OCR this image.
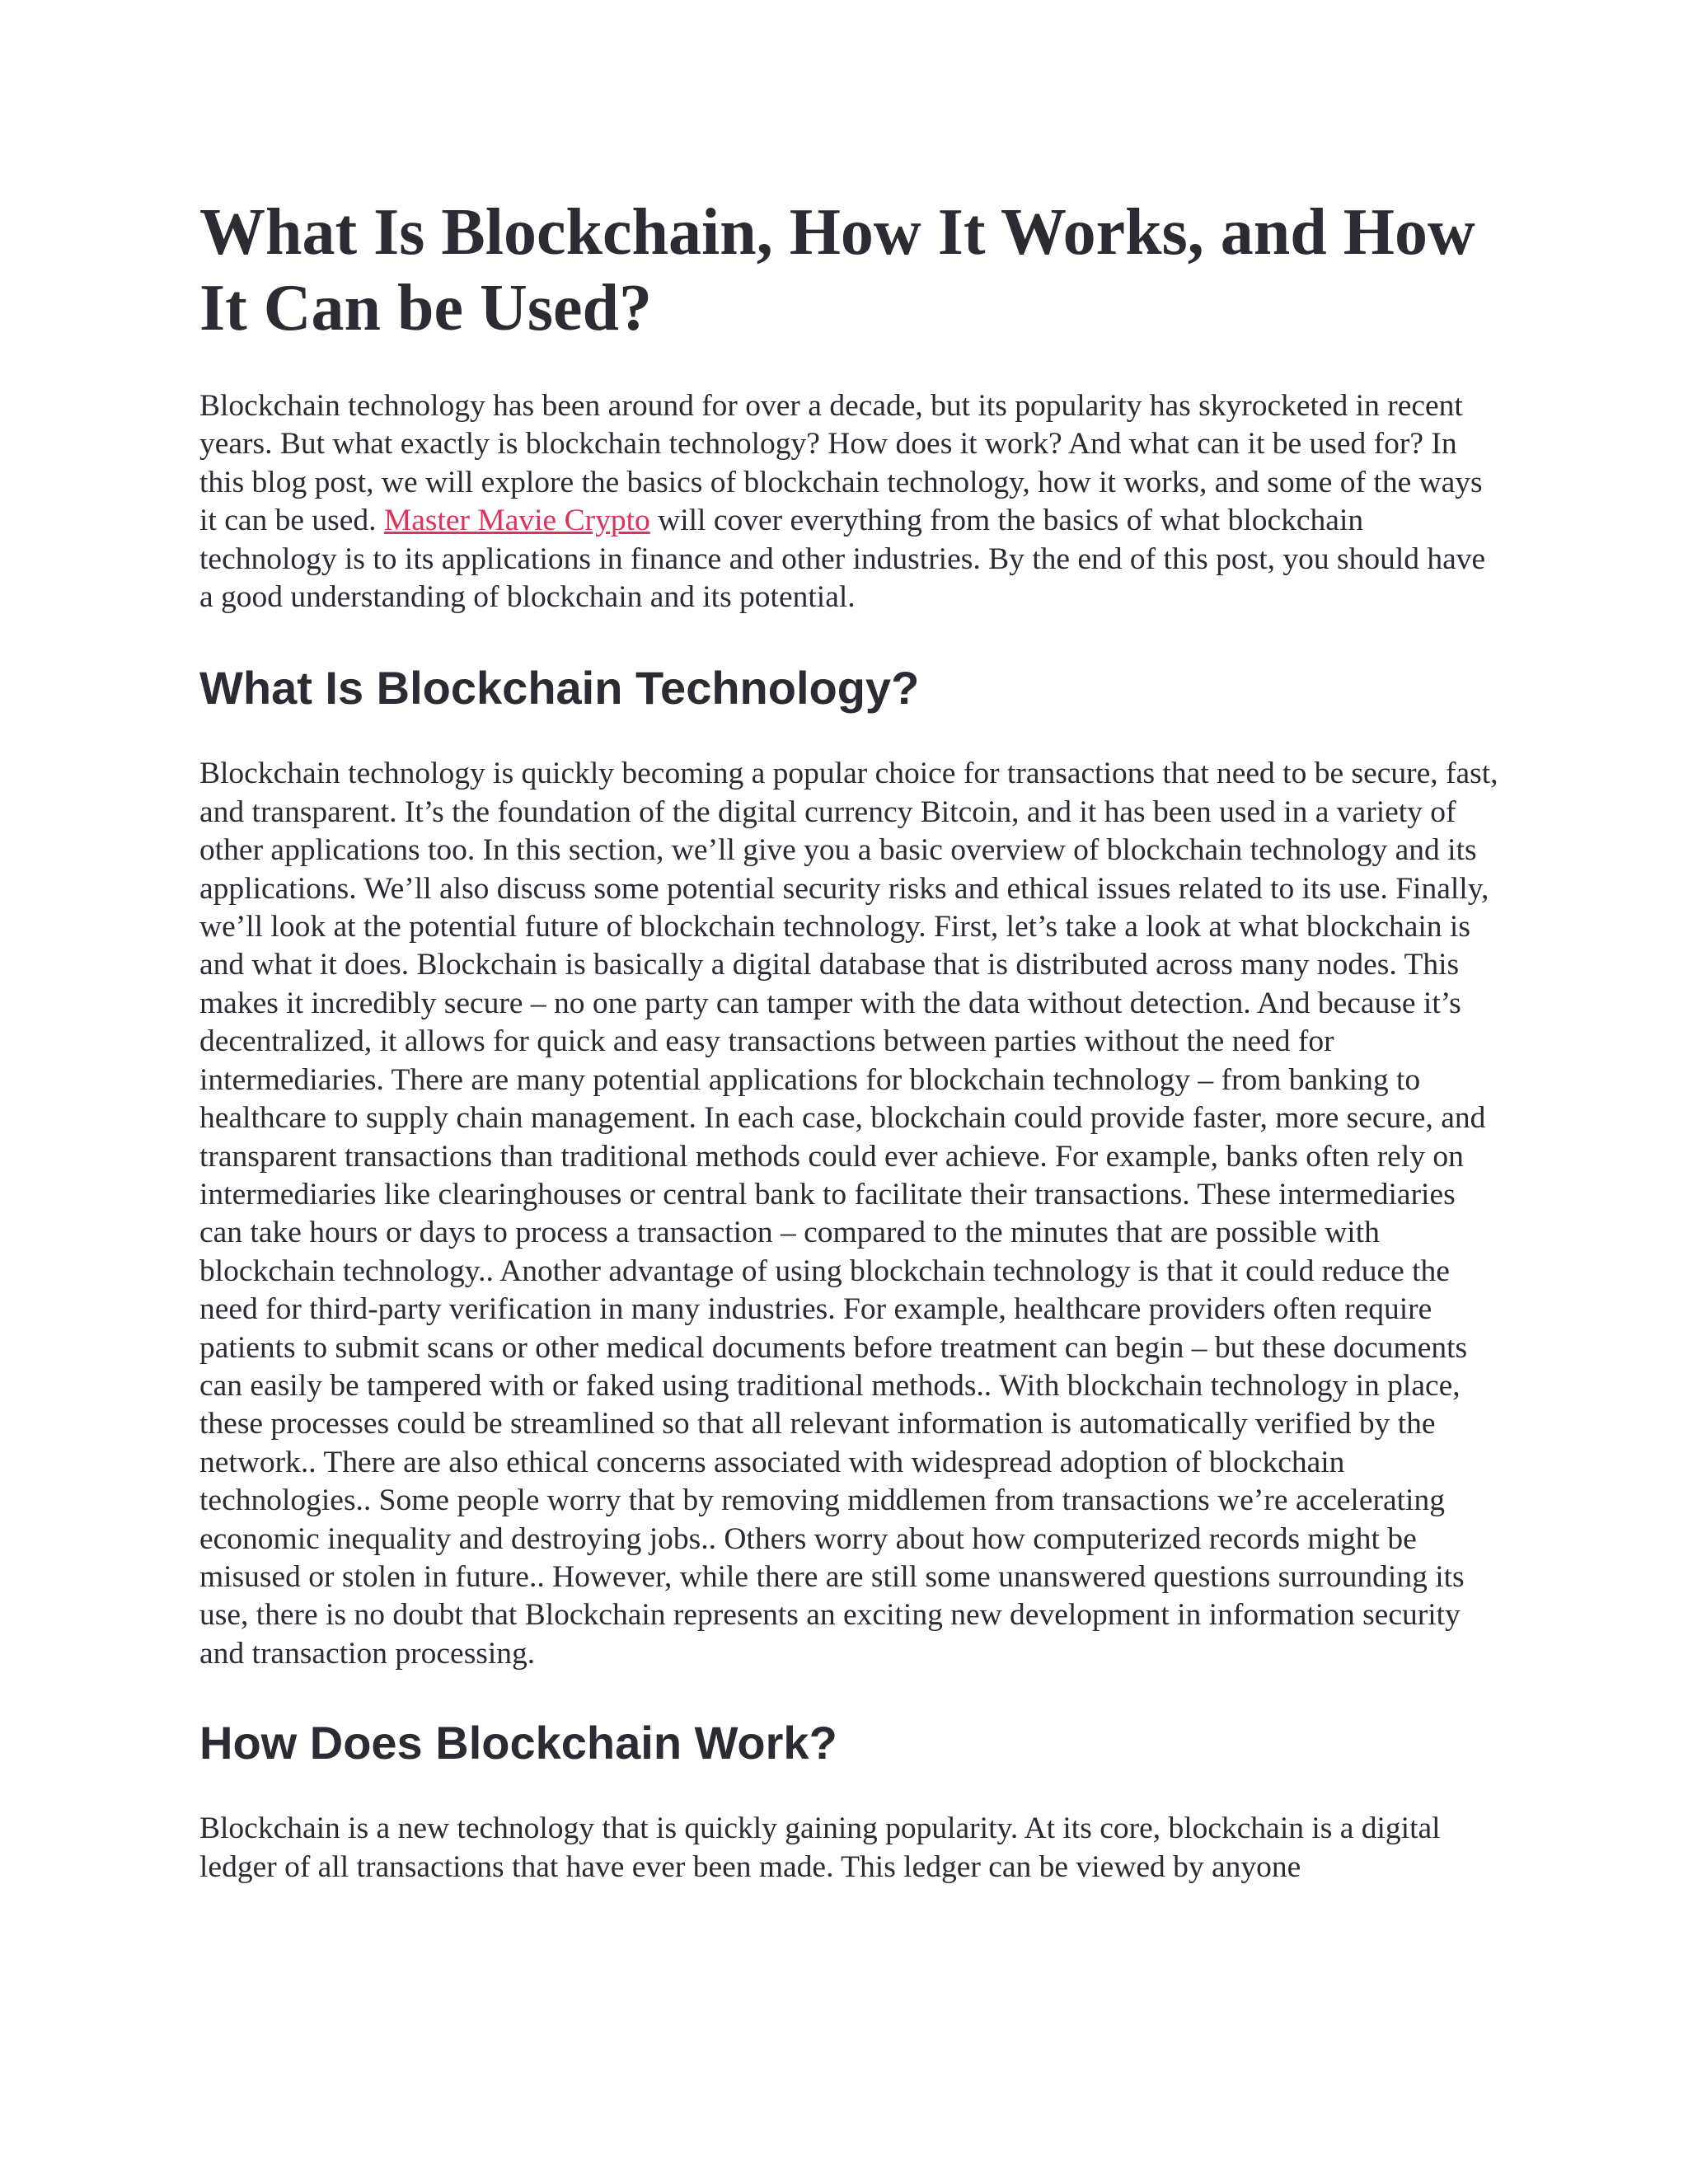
What Is Blockchain, How It Works, and How It Can be Used?

Blockchain technology has been around for over a decade, but its popularity has skyrocketed in recent years. But what exactly is blockchain technology? How does it work? And what can it be used for? In this blog post, we will explore the basics of blockchain technology, how it works, and some of the ways it can be used. Master Mavie Crypto will cover everything from the basics of what blockchain technology is to its applications in finance and other industries. By the end of this post, you should have a good understanding of blockchain and its potential.

What Is Blockchain Technology?

Blockchain technology is quickly becoming a popular choice for transactions that need to be secure, fast, and transparent. It’s the foundation of the digital currency Bitcoin, and it has been used in a variety of other applications too. In this section, we’ll give you a basic overview of blockchain technology and its applications. We’ll also discuss some potential security risks and ethical issues related to its use. Finally, we’ll look at the potential future of blockchain technology. First, let’s take a look at what blockchain is and what it does. Blockchain is basically a digital database that is distributed across many nodes. This makes it incredibly secure – no one party can tamper with the data without detection. And because it’s decentralized, it allows for quick and easy transactions between parties without the need for intermediaries. There are many potential applications for blockchain technology – from banking to healthcare to supply chain management. In each case, blockchain could provide faster, more secure, and transparent transactions than traditional methods could ever achieve. For example, banks often rely on intermediaries like clearinghouses or central bank to facilitate their transactions. These intermediaries can take hours or days to process a transaction – compared to the minutes that are possible with blockchain technology.. Another advantage of using blockchain technology is that it could reduce the need for third-party verification in many industries. For example, healthcare providers often require patients to submit scans or other medical documents before treatment can begin – but these documents can easily be tampered with or faked using traditional methods.. With blockchain technology in place, these processes could be streamlined so that all relevant information is automatically verified by the network.. There are also ethical concerns associated with widespread adoption of blockchain technologies.. Some people worry that by removing middlemen from transactions we’re accelerating economic inequality and destroying jobs.. Others worry about how computerized records might be misused or stolen in future.. However, while there are still some unanswered questions surrounding its use, there is no doubt that Blockchain represents an exciting new development in information security and transaction processing.

How Does Blockchain Work?

Blockchain is a new technology that is quickly gaining popularity. At its core, blockchain is a digital ledger of all transactions that have ever been made. This ledger can be viewed by anyone
